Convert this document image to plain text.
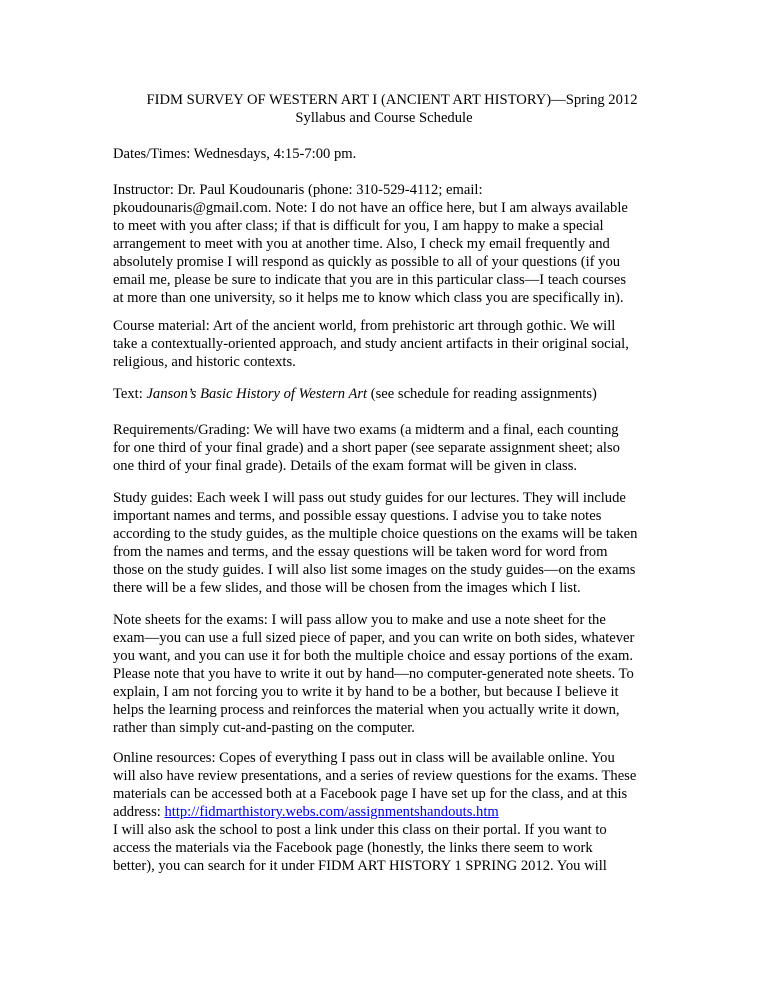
FIDM SURVEY OF WESTERN ART I (ANCIENT ART HISTORY)—Spring 2012
Syllabus and Course Schedule
Dates/Times: Wednesdays, 4:15-7:00 pm.
Instructor: Dr. Paul Koudounaris (phone: 310-529-4112; email:
pkoudounaris@gmail.com. Note: I do not have an office here, but I am always available
to meet with you after class; if that is difficult for you, I am happy to make a special
arrangement to meet with you at another time. Also, I check my email frequently and
absolutely promise I will respond as quickly as possible to all of your questions (if you
email me, please be sure to indicate that you are in this particular class—I teach courses
at more than one university, so it helps me to know which class you are specifically in).
Course material: Art of the ancient world, from prehistoric art through gothic. We will
take a contextually-oriented approach, and study ancient artifacts in their original social,
religious, and historic contexts.
Text: Janson’s Basic History of Western Art (see schedule for reading assignments)
Requirements/Grading: We will have two exams (a midterm and a final, each counting
for one third of your final grade) and a short paper (see separate assignment sheet; also
one third of your final grade). Details of the exam format will be given in class.
Study guides: Each week I will pass out study guides for our lectures. They will include
important names and terms, and possible essay questions. I advise you to take notes
according to the study guides, as the multiple choice questions on the exams will be taken
from the names and terms, and the essay questions will be taken word for word from
those on the study guides. I will also list some images on the study guides—on the exams
there will be a few slides, and those will be chosen from the images which I list.
Note sheets for the exams: I will pass allow you to make and use a note sheet for the
exam—you can use a full sized piece of paper, and you can write on both sides, whatever
you want, and you can use it for both the multiple choice and essay portions of the exam.
Please note that you have to write it out by hand—no computer-generated note sheets. To
explain, I am not forcing you to write it by hand to be a bother, but because I believe it
helps the learning process and reinforces the material when you actually write it down,
rather than simply cut-and-pasting on the computer.
Online resources: Copes of everything I pass out in class will be available online. You
will also have review presentations, and a series of review questions for the exams. These
materials can be accessed both at a Facebook page I have set up for the class, and at this
address: http://fidmarthistory.webs.com/assignmentshandouts.htm
I will also ask the school to post a link under this class on their portal. If you want to
access the materials via the Facebook page (honestly, the links there seem to work
better), you can search for it under FIDM ART HISTORY 1 SPRING 2012. You will
